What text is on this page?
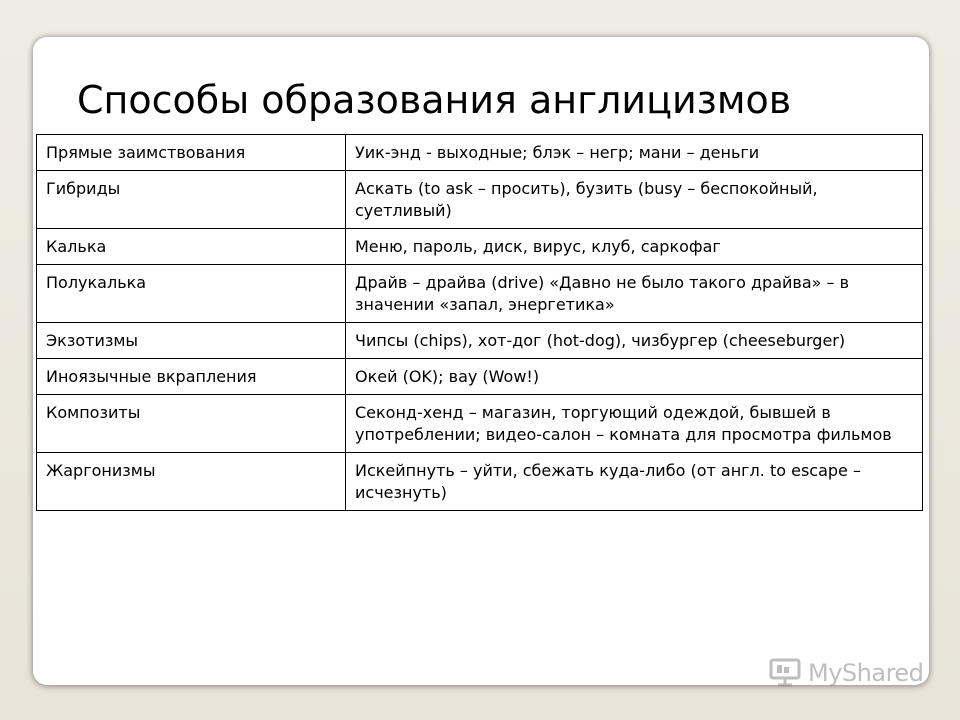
Способы образования англицизмов
Прямые заимствования	Уик-энд - выходные; блэк – негр; мани – деньги
Гибриды	Аскать (to ask – просить), бузить (busy – беспокойный, суетливый)
Калька	Меню, пароль, диск, вирус, клуб, саркофаг
Полукалька	Драйв – драйва (drive) «Давно не было такого драйва» – в значении «запал, энергетика»
Экзотизмы	Чипсы (chips), хот-дог (hot-dog), чизбургер (cheeseburger)
Иноязычные вкрапления	Окей (OK); вау (Wow!)
Композиты	Секонд-хенд – магазин, торгующий одеждой, бывшей в употреблении; видео-салон – комната для просмотра фильмов
Жаргонизмы	Искейпнуть – уйти, сбежать куда-либо (от англ. to escape – исчезнуть)
MyShared
